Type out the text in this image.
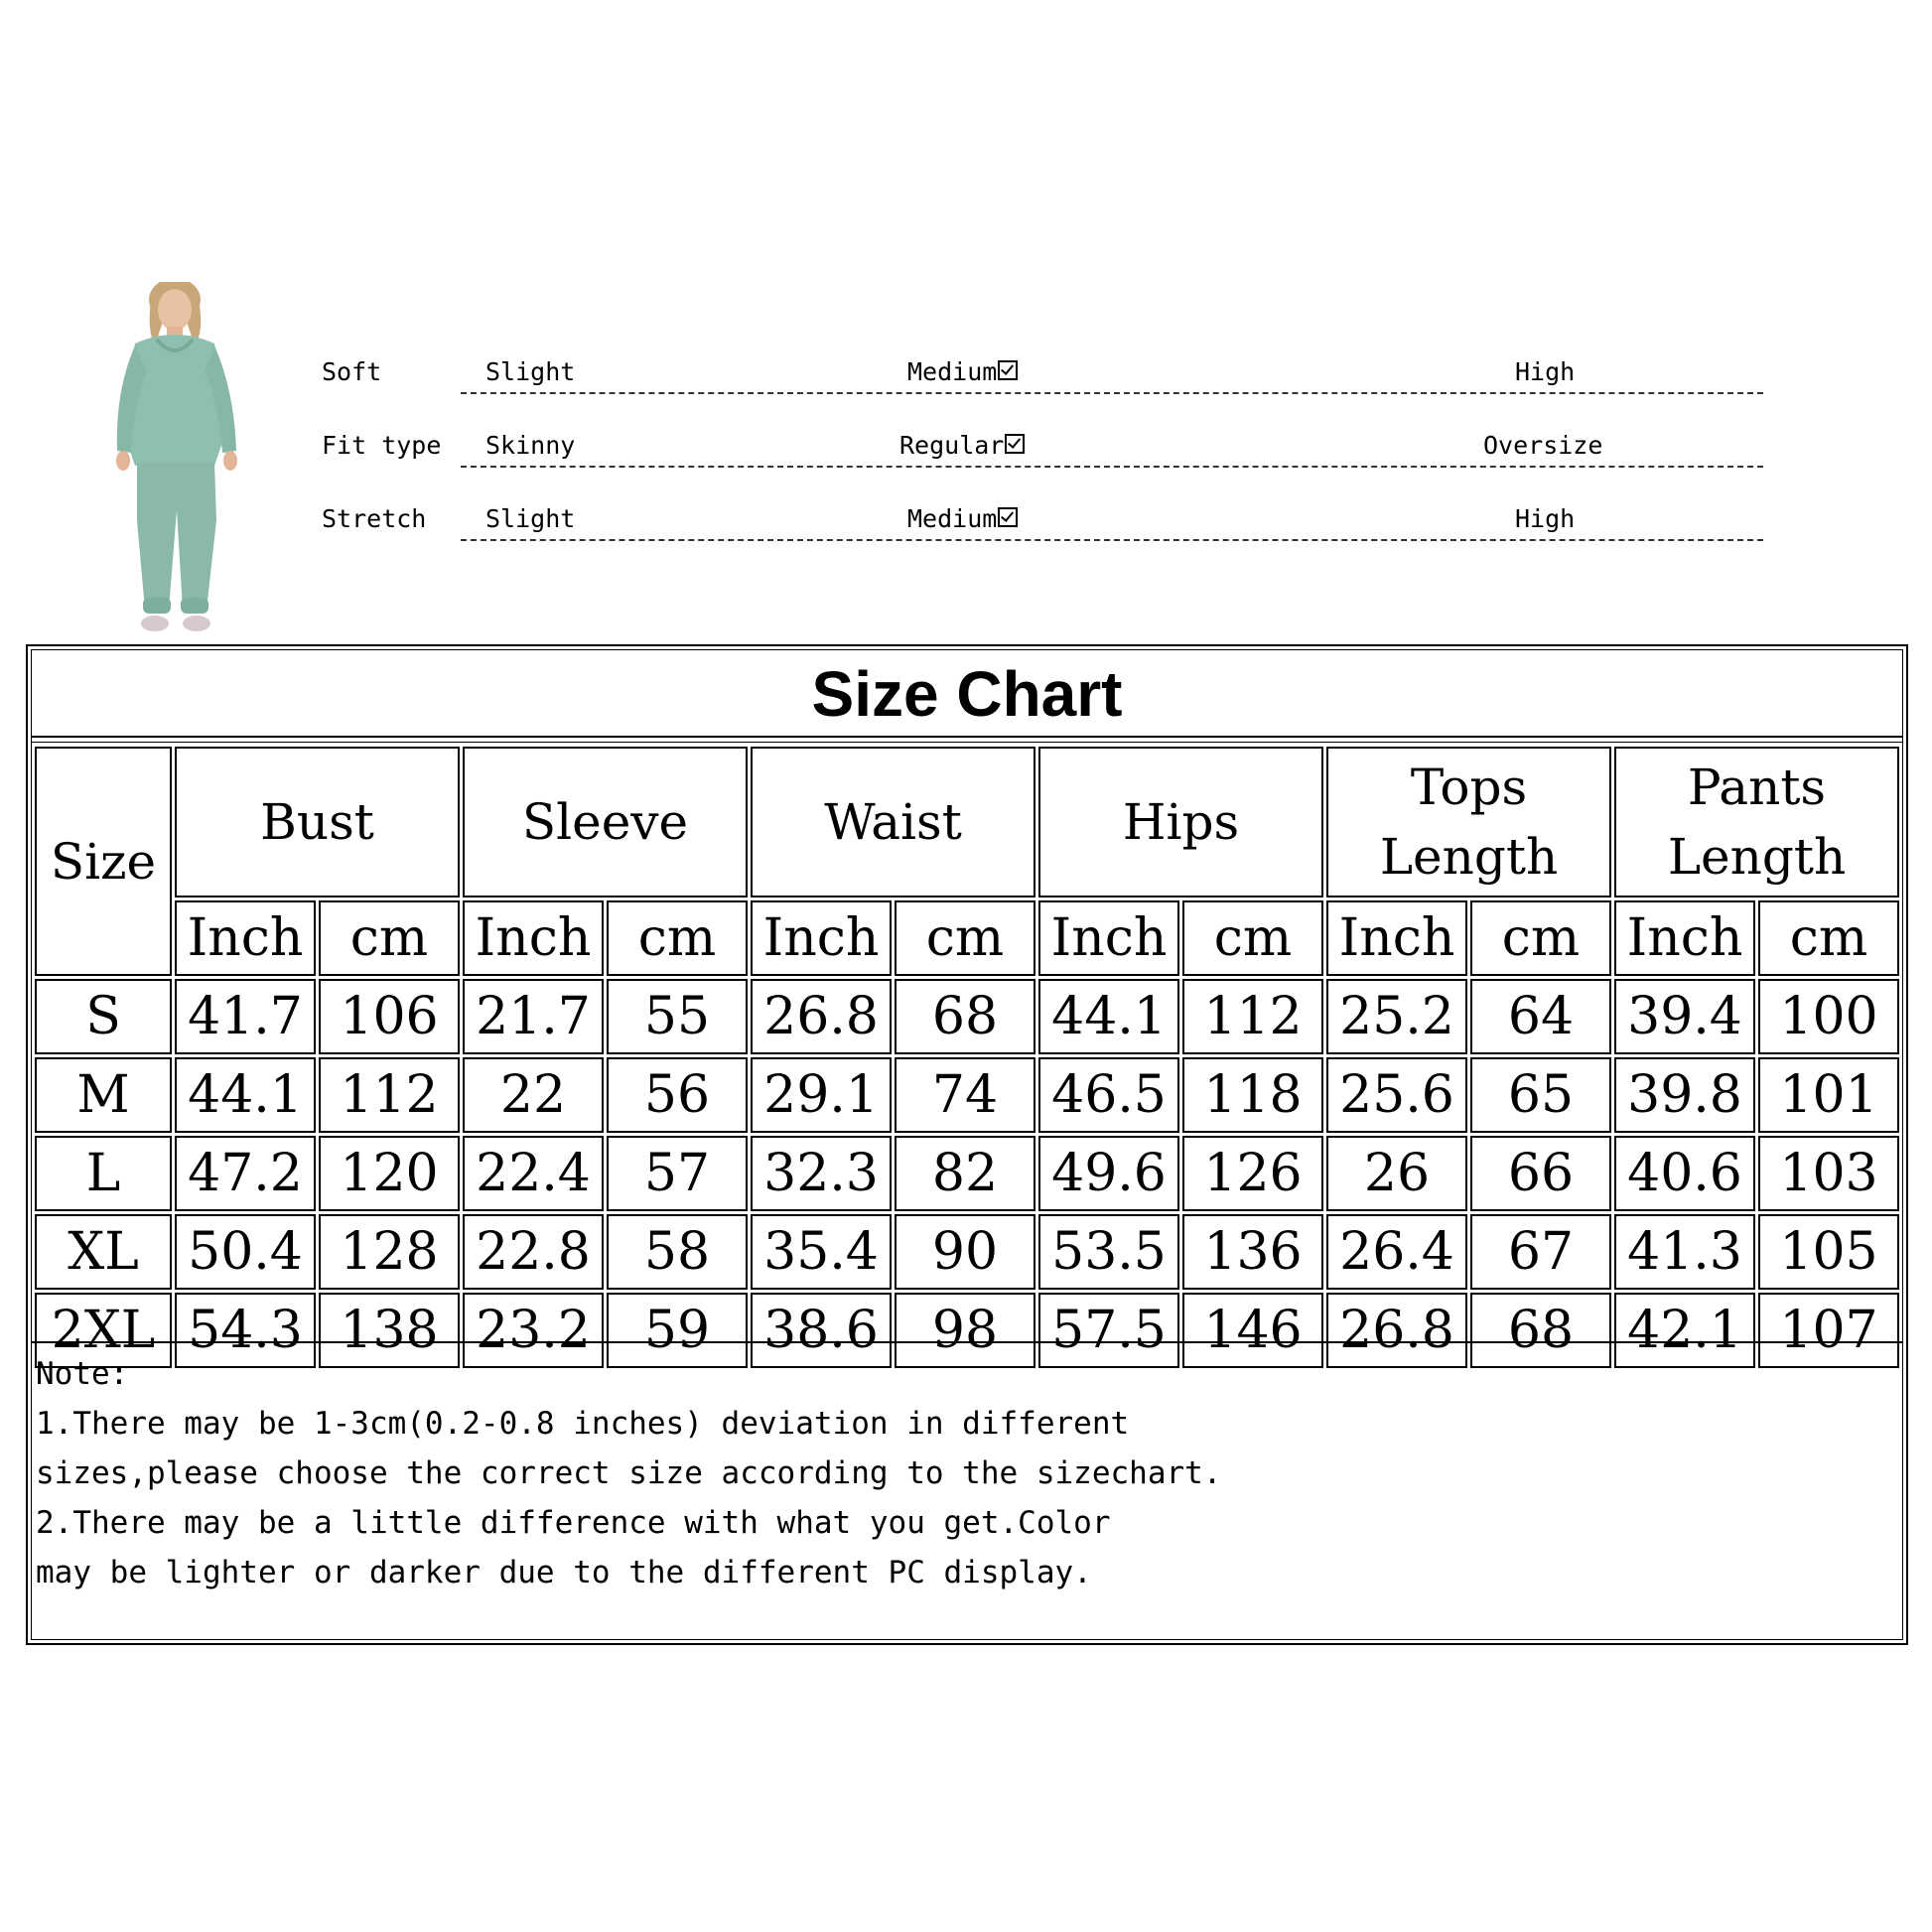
Soft	Slight	Medium	High
Fit type Skinny	Regular	Oversize
Stretch Slight	Medium	High
Size Chart
Size	Bust		Sleeve		Waist		Hips		Tops Length		Pants Length	
	Inch	cm	Inch	cm	Inch	cm	Inch	cm	Inch	cm	Inch	cm
S	41.7	106	21.7	55	26.8	68	44.1	112	25.2	64	39.4	100
M	44.1	112	22	56	29.1	74	46.5	118	25.6	65	39.8	101
L	47.2	120	22.4	57	32.3	82	49.6	126	26	66	40.6	103
XL	50.4	128	22.8	58	35.4	90	53.5	136	26.4	67	41.3	105
2XL	54.3	138	23.2	59	38.6	98	57.5	146	26.8	68	42.1	107
Note:
1.There may be 1-3cm(0.2-0.8 inches) deviation in different
sizes,please choose the correct size according to the sizechart.
2.There may be a little difference with what you get.Color
may be lighter or darker due to the different PC display.
